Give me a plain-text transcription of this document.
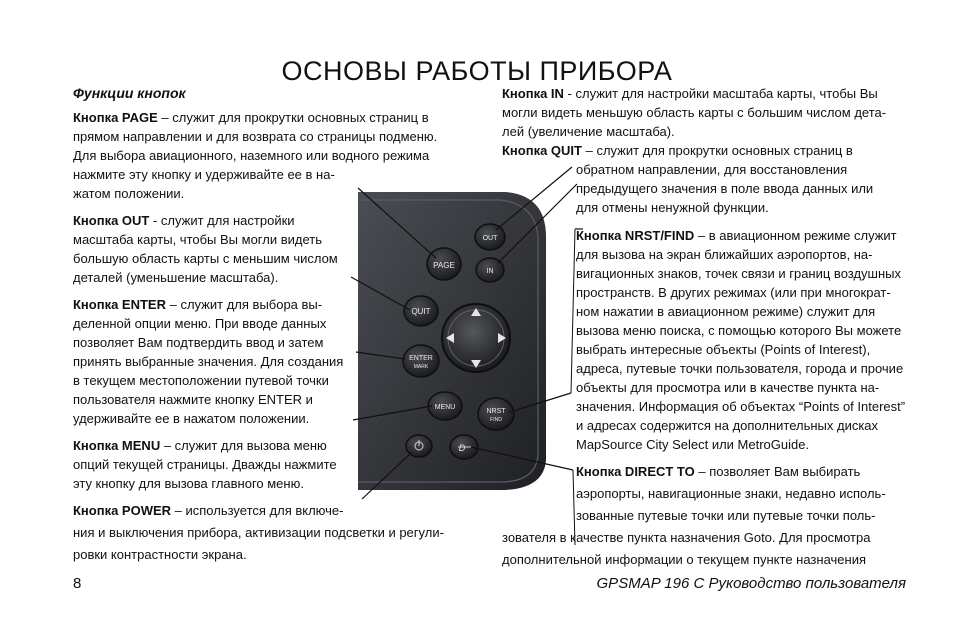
ОСНОВЫ РАБОТЫ ПРИБОРА
Функции кнопок
OUT
IN
PAGE
QUIT
ENTER
MARK
MENU
NRST
FIND
D
Кнопка PAGE – служит для прокрутки основных страниц в
прямом направлении и для возврата со страницы подменю.
Для выбора авиационного, наземного или водного режима
нажмите эту кнопку и удерживайте ее в на-
жатом положении.
Кнопка OUT - служит для настройки
масштаба карты, чтобы Вы могли видеть
большую область карты с меньшим числом
деталей (уменьшение масштаба).
Кнопка ENTER – служит для выбора вы-
деленной опции меню. При вводе данных
позволяет Вам подтвердить ввод и затем
принять выбранные значения. Для создания
в текущем местоположении путевой точки
пользователя нажмите кнопку ENTER и
удерживайте ее в нажатом положении.
Кнопка MENU – служит для вызова меню
опций текущей страницы. Дважды нажмите
эту кнопку для вызова главного меню.
Кнопка POWER – используется для включе-
ния и выключения прибора, активизации подсветки и регули-
ровки контрастности экрана.
Кнопка IN - служит для настройки масштаба карты, чтобы Вы
могли видеть меньшую область карты с большим числом дета-
лей (увеличение масштаба).
Кнопка QUIT – служит для прокрутки основных страниц в
обратном направлении, для восстановления
предыдущего значения в поле ввода данных или
для отмены ненужной функции.
Кнопка NRST/FIND – в авиационном режиме служит
для вызова на экран ближайших аэропортов, на-
вигационных знаков, точек связи и границ воздушных
пространств. В других режимах (или при многократ-
ном нажатии в авиационном режиме) служит для
вызова меню поиска, с помощью которого Вы можете
выбрать интересные объекты (Points of Interest),
адреса, путевые точки пользователя, города и прочие
объекты для просмотра или в качестве пункта на-
значения. Информация об объектах “Points of Interest”
и адресах содержится на дополнительных дисках
MapSource City Select или MetroGuide.
Кнопка DIRECT TO – позволяет Вам выбирать
аэропорты, навигационные знаки, недавно исполь-
зованные путевые точки или путевые точки поль-
зователя в качестве пункта назначения Goto. Для просмотра
дополнительной информации о текущем пункте назначения
8	GPSMAP 196 C Руководство пользователя
